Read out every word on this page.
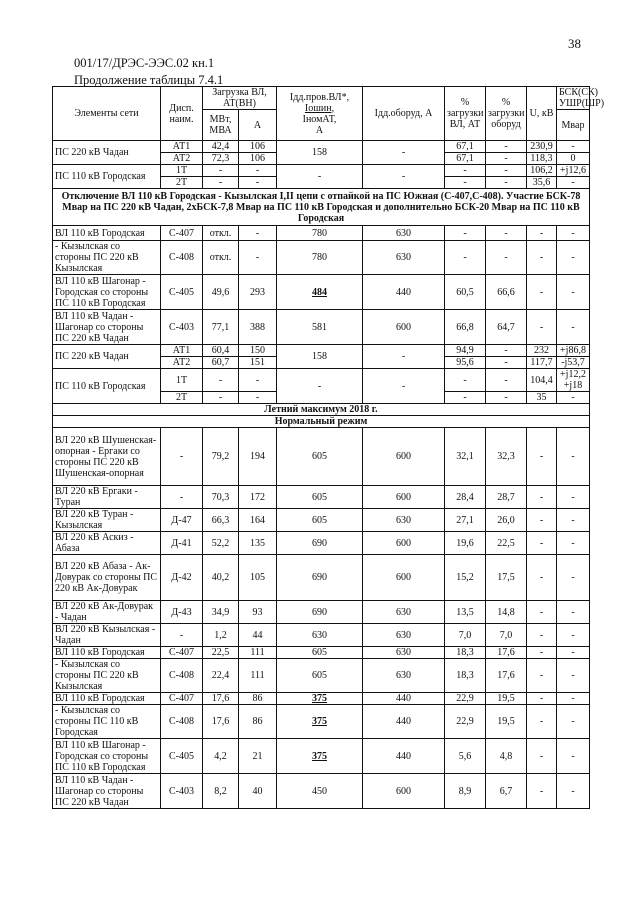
38
001/17/ДРЭС-ЭЭС.02 кн.1
Продолжение таблицы 7.4.1
Элементы сети	Дисп. наим.	Загрузка ВЛ, АТ(ВН)		Iдд.пров.ВЛ*,
Iошин,
IномАТ,
А	Iдд.оборуд, А	% загрузки ВЛ, АТ	% загрузки оборуд	U, кВ	БСК(СК) УШР(ШР)
		МВт, МВА	А						Мвар
ПС 220 кВ Чадан	АТ1	42,4	106	158	-	67,1	-	230,9	-
	АТ2	72,3	106			67,1	-	118,3	0
ПС 110 кВ Городская	1Т	-	-	-	-	-	-	106,2	+j12,6
	2Т	-	-			-	-	35,6	-
Отключение ВЛ 110 кВ Городская - Кызылская I,II цепи с отпайкой на ПС Южная (С-407,С-408). Участие БСК-78 Мвар на ПС 220 кВ Чадан, 2хБСК-7,8 Мвар на ПС 110 кВ Городская и дополнительно БСК-20 Мвар на ПС 110 кВ Городская									
ВЛ 110 кВ Городская	С-407	откл.	-	780	630	-	-	-	-
- Кызылская со стороны ПС 220 кВ Кызылская	С-408	откл.	-	780	630	-	-	-	-
ВЛ 110 кВ Шагонар - Городская со стороны ПС 110 кВ Городская	С-405	49,6	293	484	440	60,5	66,6	-	-
ВЛ 110 кВ Чадан - Шагонар со стороны ПС 220 кВ Чадан	С-403	77,1	388	581	600	66,8	64,7	-	-
ПС 220 кВ Чадан	АТ1	60,4	150	158	-	94,9	-	232	+j86,8
	АТ2	60,7	151			95,6	-	117,7	-j53,7
ПС 110 кВ Городская	1Т	-	-	-	-	-	-	104,4	+j12,2
+j18
	2Т	-	-			-	-	35	-
Летний максимум 2018 г.									
Нормальный режим									
ВЛ 220 кВ Шушенская-опорная - Ергаки со стороны ПС 220 кВ Шушенская-опорная	-	79,2	194	605	600	32,1	32,3	-	-
ВЛ 220 кВ Ергаки - Туран	-	70,3	172	605	600	28,4	28,7	-	-
ВЛ 220 кВ Туран - Кызылская	Д-47	66,3	164	605	630	27,1	26,0	-	-
ВЛ 220 кВ Аскиз - Абаза	Д-41	52,2	135	690	600	19,6	22,5	-	-
ВЛ 220 кВ Абаза - Ак-Довурак со стороны ПС 220 кВ Ак-Довурак	Д-42	40,2	105	690	600	15,2	17,5	-	-
ВЛ 220 кВ Ак-Довурак - Чадан	Д-43	34,9	93	690	630	13,5	14,8	-	-
ВЛ 220 кВ Кызылская - Чадан	-	1,2	44	630	630	7,0	7,0	-	-
ВЛ 110 кВ Городская	С-407	22,5	111	605	630	18,3	17,6	-	-
- Кызылская со стороны ПС 220 кВ Кызылская	С-408	22,4	111	605	630	18,3	17,6	-	-
ВЛ 110 кВ Городская	С-407	17,6	86	375	440	22,9	19,5	-	-
- Кызылская со стороны ПС 110 кВ Городская	С-408	17,6	86	375	440	22,9	19,5	-	-
ВЛ 110 кВ Шагонар - Городская со стороны ПС 110 кВ Городская	С-405	4,2	21	375	440	5,6	4,8	-	-
ВЛ 110 кВ Чадан - Шагонар со стороны ПС 220 кВ Чадан	С-403	8,2	40	450	600	8,9	6,7	-	-
